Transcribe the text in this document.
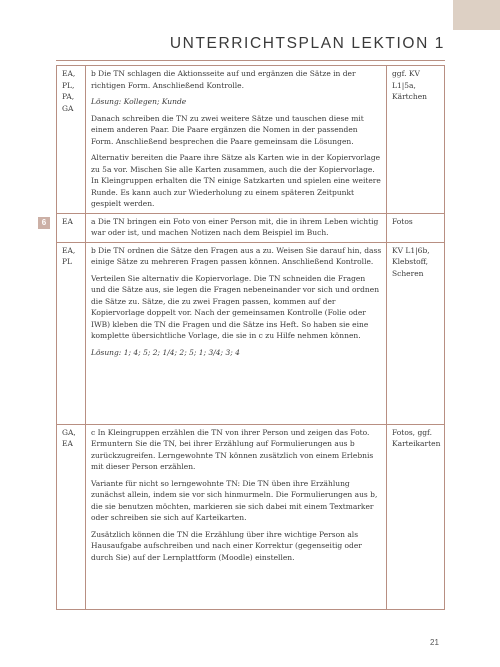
UNTERRICHTSPLAN LEKTION 1
6
EA, PL, PA, GA	b Die TN schlagen die Aktionsseite auf und ergänzen die Sätze in der richtigen Form. Anschließend Kontrolle.
Lösung: Kollegen; Kunde
Danach schreiben die TN zu zwei weitere Sätze und tauschen diese mit einem anderen Paar. Die Paare ergänzen die Nomen in der passenden Form. Anschließend besprechen die Paare gemeinsam die Lösungen.
Alternativ bereiten die Paare ihre Sätze als Karten wie in der Kopiervorlage zu 5a vor. Mischen Sie alle Karten zusammen, auch die der Kopiervorlage. In Kleingruppen erhalten die TN einige Satzkarten und spielen eine weitere Runde. Es kann auch zur Wiederholung zu einem späteren Zeitpunkt gespielt werden.	ggf. KV L1|5a, Kärtchen
EA	a Die TN bringen ein Foto von einer Person mit, die in ihrem Leben wichtig war oder ist, und machen Notizen nach dem Beispiel im Buch.	Fotos
EA, PL	b Die TN ordnen die Sätze den Fragen aus a zu. Weisen Sie darauf hin, dass einige Sätze zu mehreren Fragen passen können. Anschließend Kontrolle.
Verteilen Sie alternativ die Kopiervorlage. Die TN schneiden die Fragen und die Sätze aus, sie legen die Fragen nebeneinander vor sich und ordnen die Sätze zu. Sätze, die zu zwei Fragen passen, kommen auf der Kopiervorlage doppelt vor. Nach der gemeinsamen Kontrolle (Folie oder IWB) kleben die TN die Fragen und die Sätze ins Heft. So haben sie eine komplette übersichtliche Vorlage, die sie in c zu Hilfe nehmen können.
Lösung: 1; 4; 5; 2; 1/4; 2; 5; 1; 3/4; 3; 4	KV L1|6b, Klebstoff, Scheren
GA, EA	c In Kleingruppen erzählen die TN von ihrer Person und zeigen das Foto. Ermuntern Sie die TN, bei ihrer Erzählung auf Formulierungen aus b zurückzugreifen. Lerngewohnte TN können zusätzlich von einem Erlebnis mit dieser Person erzählen.
Variante für nicht so lerngewohnte TN: Die TN üben ihre Erzählung zunächst allein, indem sie vor sich hinmurmeln. Die Formulierungen aus b, die sie benutzen möchten, markieren sie sich dabei mit einem Textmarker oder schreiben sie sich auf Karteikarten.
Zusätzlich können die TN die Erzählung über ihre wichtige Person als Hausaufgabe aufschreiben und nach einer Korrektur (gegenseitig oder durch Sie) auf der Lernplattform (Moodle) einstellen.	Fotos, ggf. Karteikarten
21
